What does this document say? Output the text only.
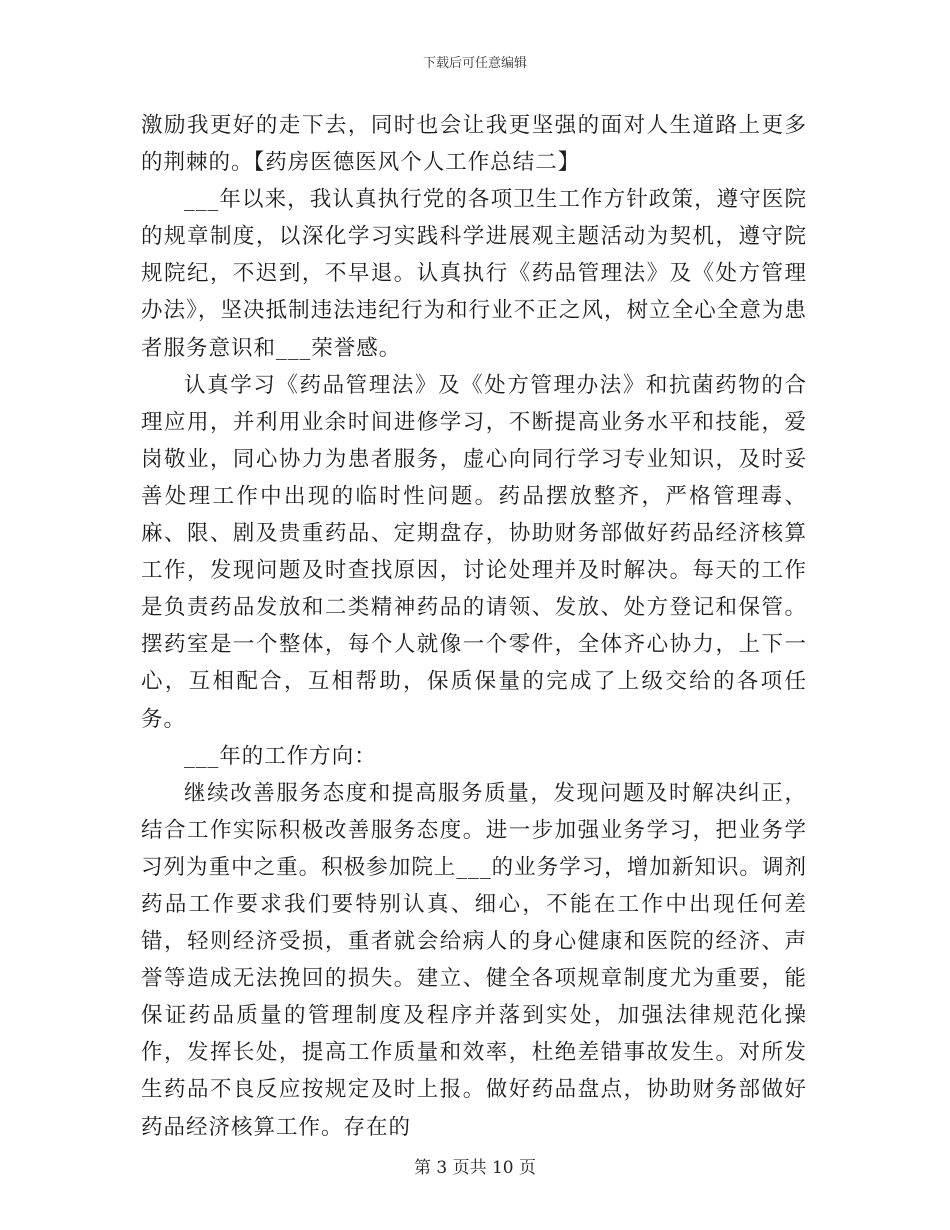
下载后可任意编辑

激励我更好的走下去，同时也会让我更坚强的面对人生道路上更多的荆棘的。【药房医德医风个人工作总结二】

___年以来，我认真执行党的各项卫生工作方针政策，遵守医院的规章制度，以深化学习实践科学进展观主题活动为契机，遵守院规院纪，不迟到，不早退。认真执行《药品管理法》及《处方管理办法》，坚决抵制违法违纪行为和行业不正之风，树立全心全意为患者服务意识和___荣誉感。

认真学习《药品管理法》及《处方管理办法》和抗菌药物的合理应用，并利用业余时间进修学习，不断提高业务水平和技能，爱岗敬业，同心协力为患者服务，虚心向同行学习专业知识，及时妥善处理工作中出现的临时性问题。药品摆放整齐，严格管理毒、麻、限、剧及贵重药品、定期盘存，协助财务部做好药品经济核算工作，发现问题及时查找原因，讨论处理并及时解决。每天的工作是负责药品发放和二类精神药品的请领、发放、处方登记和保管。摆药室是一个整体，每个人就像一个零件，全体齐心协力，上下一心，互相配合，互相帮助，保质保量的完成了上级交给的各项任务。

___年的工作方向：

继续改善服务态度和提高服务质量，发现问题及时解决纠正，结合工作实际积极改善服务态度。进一步加强业务学习，把业务学习列为重中之重。积极参加院上___的业务学习，增加新知识。调剂药品工作要求我们要特别认真、细心，不能在工作中出现任何差错，轻则经济受损，重者就会给病人的身心健康和医院的经济、声誉等造成无法挽回的损失。建立、健全各项规章制度尤为重要，能保证药品质量的管理制度及程序并落到实处，加强法律规范化操作，发挥长处，提高工作质量和效率，杜绝差错事故发生。对所发生药品不良反应按规定及时上报。做好药品盘点，协助财务部做好药品经济核算工作。存在的

第 3 页共 10 页
